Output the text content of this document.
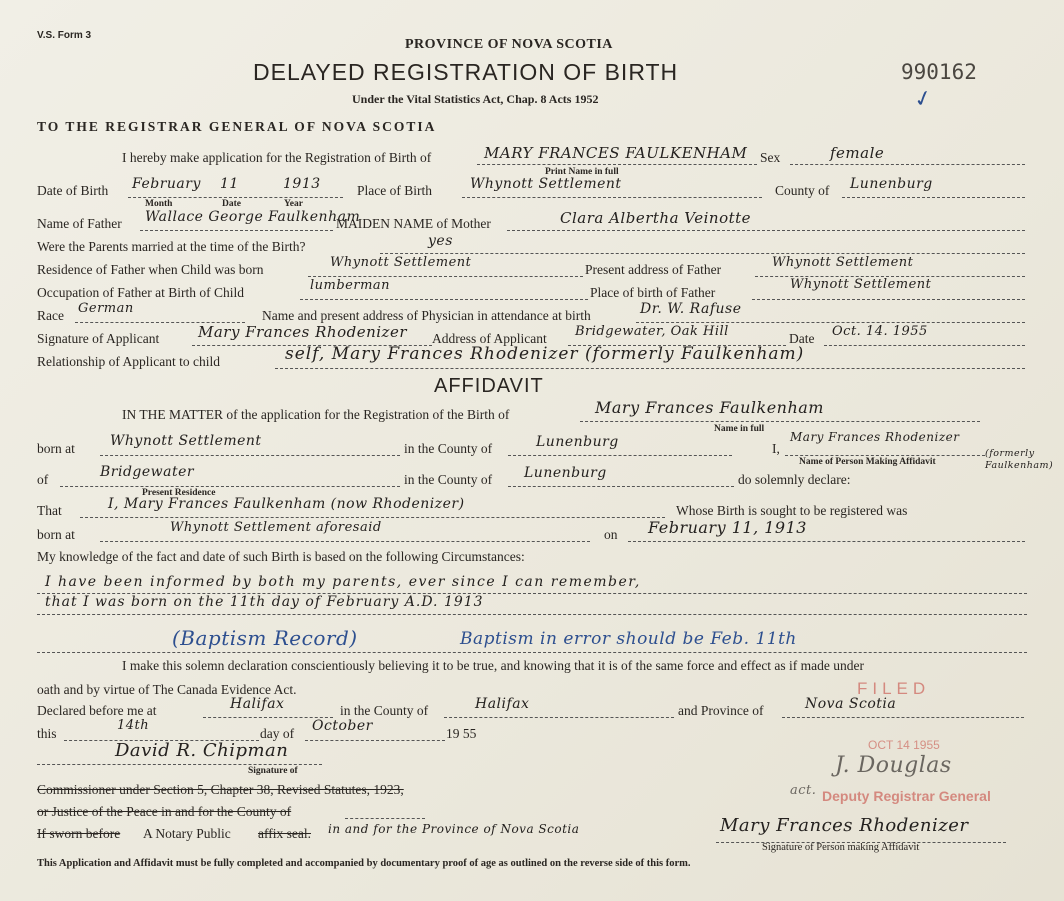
V.S. Form 3
PROVINCE OF NOVA SCOTIA
DELAYED REGISTRATION OF BIRTH
Under the Vital Statistics Act, Chap. 8 Acts 1952
990162
✓
TO THE REGISTRAR GENERAL OF NOVA SCOTIA
I hereby make application for the Registration of Birth of	MARY FRANCES FAULKENHAM Sex	female
Print Name in full
Date of Birth February 11	1913
Month	Date	Year
Place of Birth	Whynott Settlement	County of Lunenburg
Name of Father Wallace George Faulkenham
MAIDEN NAME of Mother	Clara Albertha Veinotte
Were the Parents married at the time of the Birth?	yes
Residence of Father when Child was born	Whynott Settlement	Present address of Father	Whynott Settlement
Occupation of Father at Birth of Child	lumberman	Place of birth of Father
Whynott Settlement
Race German	Name and present address of Physician in attendance at birth	Dr. W. Rafuse
Signature of Applicant	Mary Frances Rhodenizer Address of Applicant Bridgewater, Oak Hill	Date Oct. 14. 1955
Relationship of Applicant to child	self, Mary Frances Rhodenizer (formerly Faulkenham)
AFFIDAVIT
IN THE MATTER of the application for the Registration of the Birth of	Mary Frances Faulkenham
Name in full
born at	Whynott Settlement	in the County of	Lunenburg	I,
Mary Frances Rhodenizer
(formerly Faulkenham)
Name of Person Making Affidavit
of	Bridgewater
Present Residence
in the County of Lunenburg	do solemnly declare:
That	I, Mary Frances Faulkenham (now Rhodenizer)	Whose Birth is sought to be registered was
born at	Whynott Settlement aforesaid	on February 11, 1913
My knowledge of the fact and date of such Birth is based on the following Circumstances:
I have been informed by both my parents, ever since I can remember,
that I was born on the 11th day of February A.D. 1913
(Baptism Record)	Baptism in error should be Feb. 11th
I make this solemn declaration conscientiously believing it to be true, and knowing that it is of the same force and effect as if made under
oath and by virtue of The Canada Evidence Act.
Declared before me at	Halifax	in the County of	Halifax	and Province of	Nova Scotia
this
14th
day of October	19 55
David R. Chipman
Signature of
Commissioner under Section 5, Chapter 38, Revised Statutes, 1923,
or Justice of the Peace in and for the County of
If sworn before A Notary Public affix seal. in and for the Province of Nova Scotia	Mary Frances Rhodenizer
Signature of Person making Affidavit
This Application and Affidavit must be fully completed and accompanied by documentary proof of age as outlined on the reverse side of this form.
FILED
OCT 14 1955
J. Douglas
act. Deputy Registrar General
